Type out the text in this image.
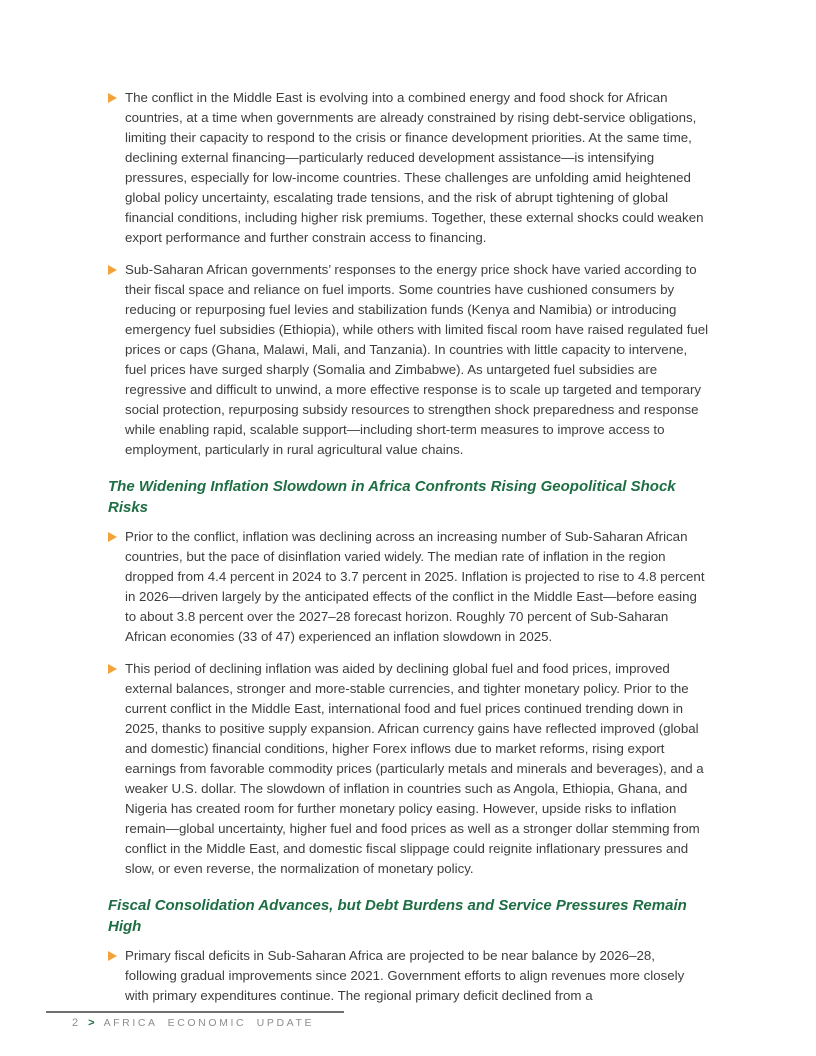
The conflict in the Middle East is evolving into a combined energy and food shock for African countries, at a time when governments are already constrained by rising debt-service obligations, limiting their capacity to respond to the crisis or finance development priorities. At the same time, declining external financing—particularly reduced development assistance—is intensifying pressures, especially for low-income countries. These challenges are unfolding amid heightened global policy uncertainty, escalating trade tensions, and the risk of abrupt tightening of global financial conditions, including higher risk premiums. Together, these external shocks could weaken export performance and further constrain access to financing.
Sub-Saharan African governments’ responses to the energy price shock have varied according to their fiscal space and reliance on fuel imports. Some countries have cushioned consumers by reducing or repurposing fuel levies and stabilization funds (Kenya and Namibia) or introducing emergency fuel subsidies (Ethiopia), while others with limited fiscal room have raised regulated fuel prices or caps (Ghana, Malawi, Mali, and Tanzania). In countries with little capacity to intervene, fuel prices have surged sharply (Somalia and Zimbabwe). As untargeted fuel subsidies are regressive and difficult to unwind, a more effective response is to scale up targeted and temporary social protection, repurposing subsidy resources to strengthen shock preparedness and response while enabling rapid, scalable support—including short-term measures to improve access to employment, particularly in rural agricultural value chains.
The Widening Inflation Slowdown in Africa Confronts Rising Geopolitical Shock Risks
Prior to the conflict, inflation was declining across an increasing number of Sub-Saharan African countries, but the pace of disinflation varied widely. The median rate of inflation in the region dropped from 4.4 percent in 2024 to 3.7 percent in 2025. Inflation is projected to rise to 4.8 percent in 2026—driven largely by the anticipated effects of the conflict in the Middle East—before easing to about 3.8 percent over the 2027–28 forecast horizon. Roughly 70 percent of Sub-Saharan African economies (33 of 47) experienced an inflation slowdown in 2025.
This period of declining inflation was aided by declining global fuel and food prices, improved external balances, stronger and more-stable currencies, and tighter monetary policy. Prior to the current conflict in the Middle East, international food and fuel prices continued trending down in 2025, thanks to positive supply expansion. African currency gains have reflected improved (global and domestic) financial conditions, higher Forex inflows due to market reforms, rising export earnings from favorable commodity prices (particularly metals and minerals and beverages), and a weaker U.S. dollar. The slowdown of inflation in countries such as Angola, Ethiopia, Ghana, and Nigeria has created room for further monetary policy easing. However, upside risks to inflation remain—global uncertainty, higher fuel and food prices as well as a stronger dollar stemming from conflict in the Middle East, and domestic fiscal slippage could reignite inflationary pressures and slow, or even reverse, the normalization of monetary policy.
Fiscal Consolidation Advances, but Debt Burdens and Service Pressures Remain High
Primary fiscal deficits in Sub-Saharan Africa are projected to be near balance by 2026–28, following gradual improvements since 2021. Government efforts to align revenues more closely with primary expenditures continue. The regional primary deficit declined from a
2 > AFRICA ECONOMIC UPDATE
